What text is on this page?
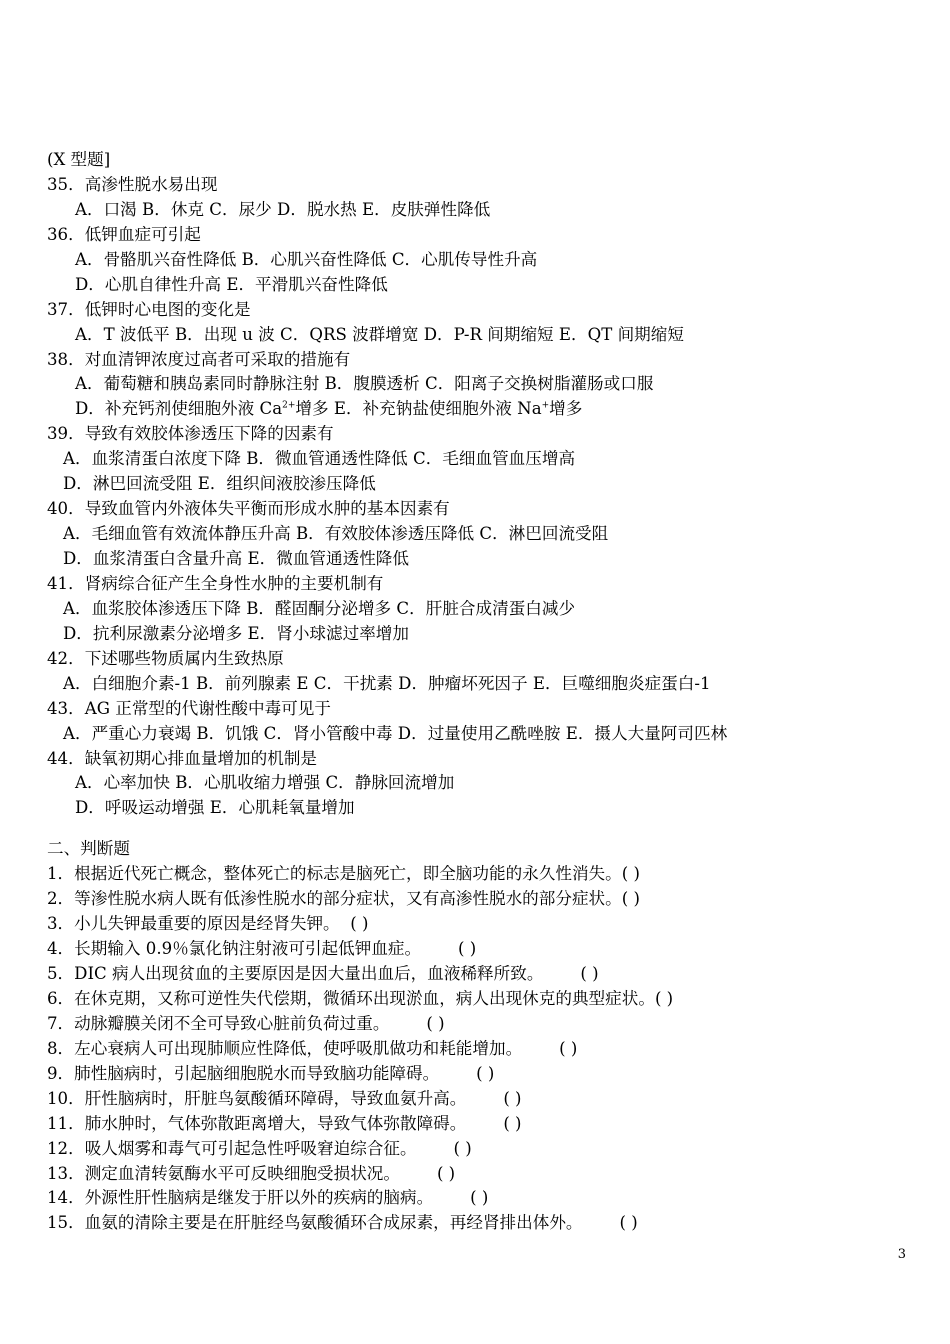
(X 型题]
35．高渗性脱水易出现
A．口渴 B．休克 C．尿少 D．脱水热 E．皮肤弹性降低
36．低钾血症可引起
A．骨骼肌兴奋性降低 B．心肌兴奋性降低 C．心肌传导性升高
D．心肌自律性升高 E．平滑肌兴奋性降低
37．低钾时心电图的变化是
A．T 波低平 B．出现 u 波 C．QRS 波群增宽 D．P-R 间期缩短 E．QT 间期缩短
38．对血清钾浓度过高者可采取的措施有
A．葡萄糖和胰岛素同时静脉注射 B．腹膜透析 C．阳离子交换树脂灌肠或口服
D．补充钙剂使细胞外液 $Ca^{2+}$增多 E．补充钠盐使细胞外液 Na+增多
39．导致有效胶体渗透压下降的因素有
A．血浆清蛋白浓度下降 B．微血管通透性降低 C．毛细血管血压增高
D．淋巴回流受阻 E．组织间液胶渗压降低
40．导致血管内外液体失平衡而形成水肿的基本因素有
A．毛细血管有效流体静压升高 B．有效胶体渗透压降低 C．淋巴回流受阻
D．血浆清蛋白含量升高 E．微血管通透性降低
41．肾病综合征产生全身性水肿的主要机制有
A．血浆胶体渗透压下降 B．醛固酮分泌增多 C．肝脏合成清蛋白减少
D．抗利尿激素分泌增多 E．肾小球滤过率增加
42．下述哪些物质属内生致热原
A．白细胞介素-1 B．前列腺素 E C．干扰素 D．肿瘤坏死因子 E．巨噬细胞炎症蛋白-1
43．AG 正常型的代谢性酸中毒可见于
A．严重心力衰竭 B．饥饿 C．肾小管酸中毒 D．过量使用乙酰唑胺 E．摄人大量阿司匹林
44．缺氧初期心排血量增加的机制是
A．心率加快 B．心肌收缩力增强 C．静脉回流增加
D．呼吸运动增强 E．心肌耗氧量增加
二、判断题
1．根据近代死亡概念，整体死亡的标志是脑死亡，即全脑功能的永久性消失。( )
2．等渗性脱水病人既有低渗性脱水的部分症状，又有高渗性脱水的部分症状。( )
3．小儿失钾最重要的原因是经肾失钾。 ( )
4．长期输入 0.9％氯化钠注射液可引起低钾血症。 ( )
5．DIC 病人出现贫血的主要原因是因大量出血后，血液稀释所致。 ( )
6．在休克期，又称可逆性失代偿期，微循环出现淤血，病人出现休克的典型症状。( )
7．动脉瓣膜关闭不全可导致心脏前负荷过重。 ( )
8．左心衰病人可出现肺顺应性降低，使呼吸肌做功和耗能增加。 ( )
9．肺性脑病时，引起脑细胞脱水而导致脑功能障碍。 ( )
10．肝性脑病时，肝脏鸟氨酸循环障碍，导致血氨升高。 ( )
11．肺水肿时，气体弥散距离增大，导致气体弥散障碍。 ( )
12．吸人烟雾和毒气可引起急性呼吸窘迫综合征。 ( )
13．测定血清转氨酶水平可反映细胞受损状况。 ( )
14．外源性肝性脑病是继发于肝以外的疾病的脑病。 ( )
15．血氨的清除主要是在肝脏经鸟氨酸循环合成尿素，再经肾排出体外。 ( )
3
